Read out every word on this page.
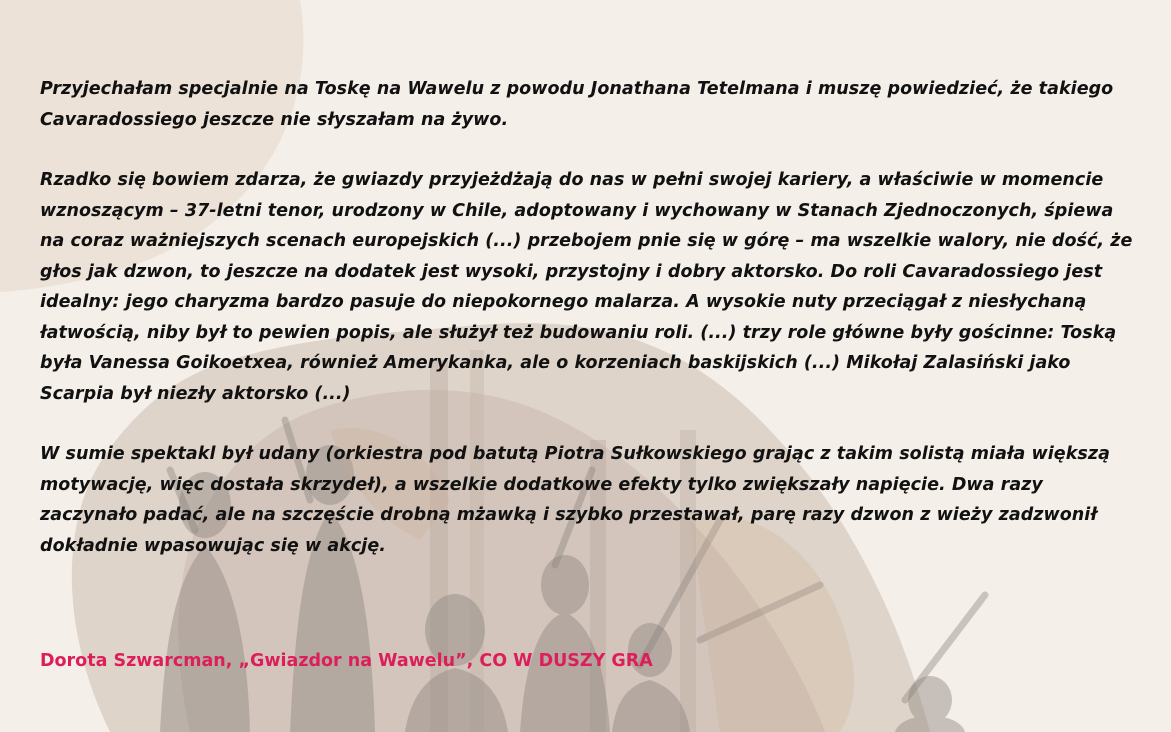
Przyjechałam specjalnie na Toskę na Wawelu z powodu Jonathana Tetelmana i muszę powiedzieć, że takiego Cavaradossiego jeszcze nie słyszałam na żywo.

Rzadko się bowiem zdarza, że gwiazdy przyjeżdżają do nas w pełni swojej kariery, a właściwie w momencie wznoszącym – 37-letni tenor, urodzony w Chile, adoptowany i wychowany w Stanach Zjednoczonych, śpiewa na coraz ważniejszych scenach europejskich (...) przebojem pnie się w górę – ma wszelkie walory, nie dość, że głos jak dzwon, to jeszcze na dodatek jest wysoki, przystojny i dobry aktorsko. Do roli Cavaradossiego jest idealny: jego charyzma bardzo pasuje do niepokornego malarza. A wysokie nuty przeciągał z niesłychaną łatwością, niby był to pewien popis, ale służył też budowaniu roli. (...) trzy role główne były gościnne: Toską była Vanessa Goikoetxea, również Amerykanka, ale o korzeniach baskijskich (...) Mikołaj Zalasiński jako Scarpia był niezły aktorsko (...)

W sumie spektakl był udany (orkiestra pod batutą Piotra Sułkowskiego grając z takim solistą miała większą motywację, więc dostała skrzydeł), a wszelkie dodatkowe efekty tylko zwiększały napięcie. Dwa razy zaczynało padać, ale na szczęście drobną mżawką i szybko przestawał, parę razy dzwon z wieży zadzwonił dokładnie wpasowując się w akcję.

Dorota Szwarcman, „Gwiazdor na Wawelu”, CO W DUSZY GRA
